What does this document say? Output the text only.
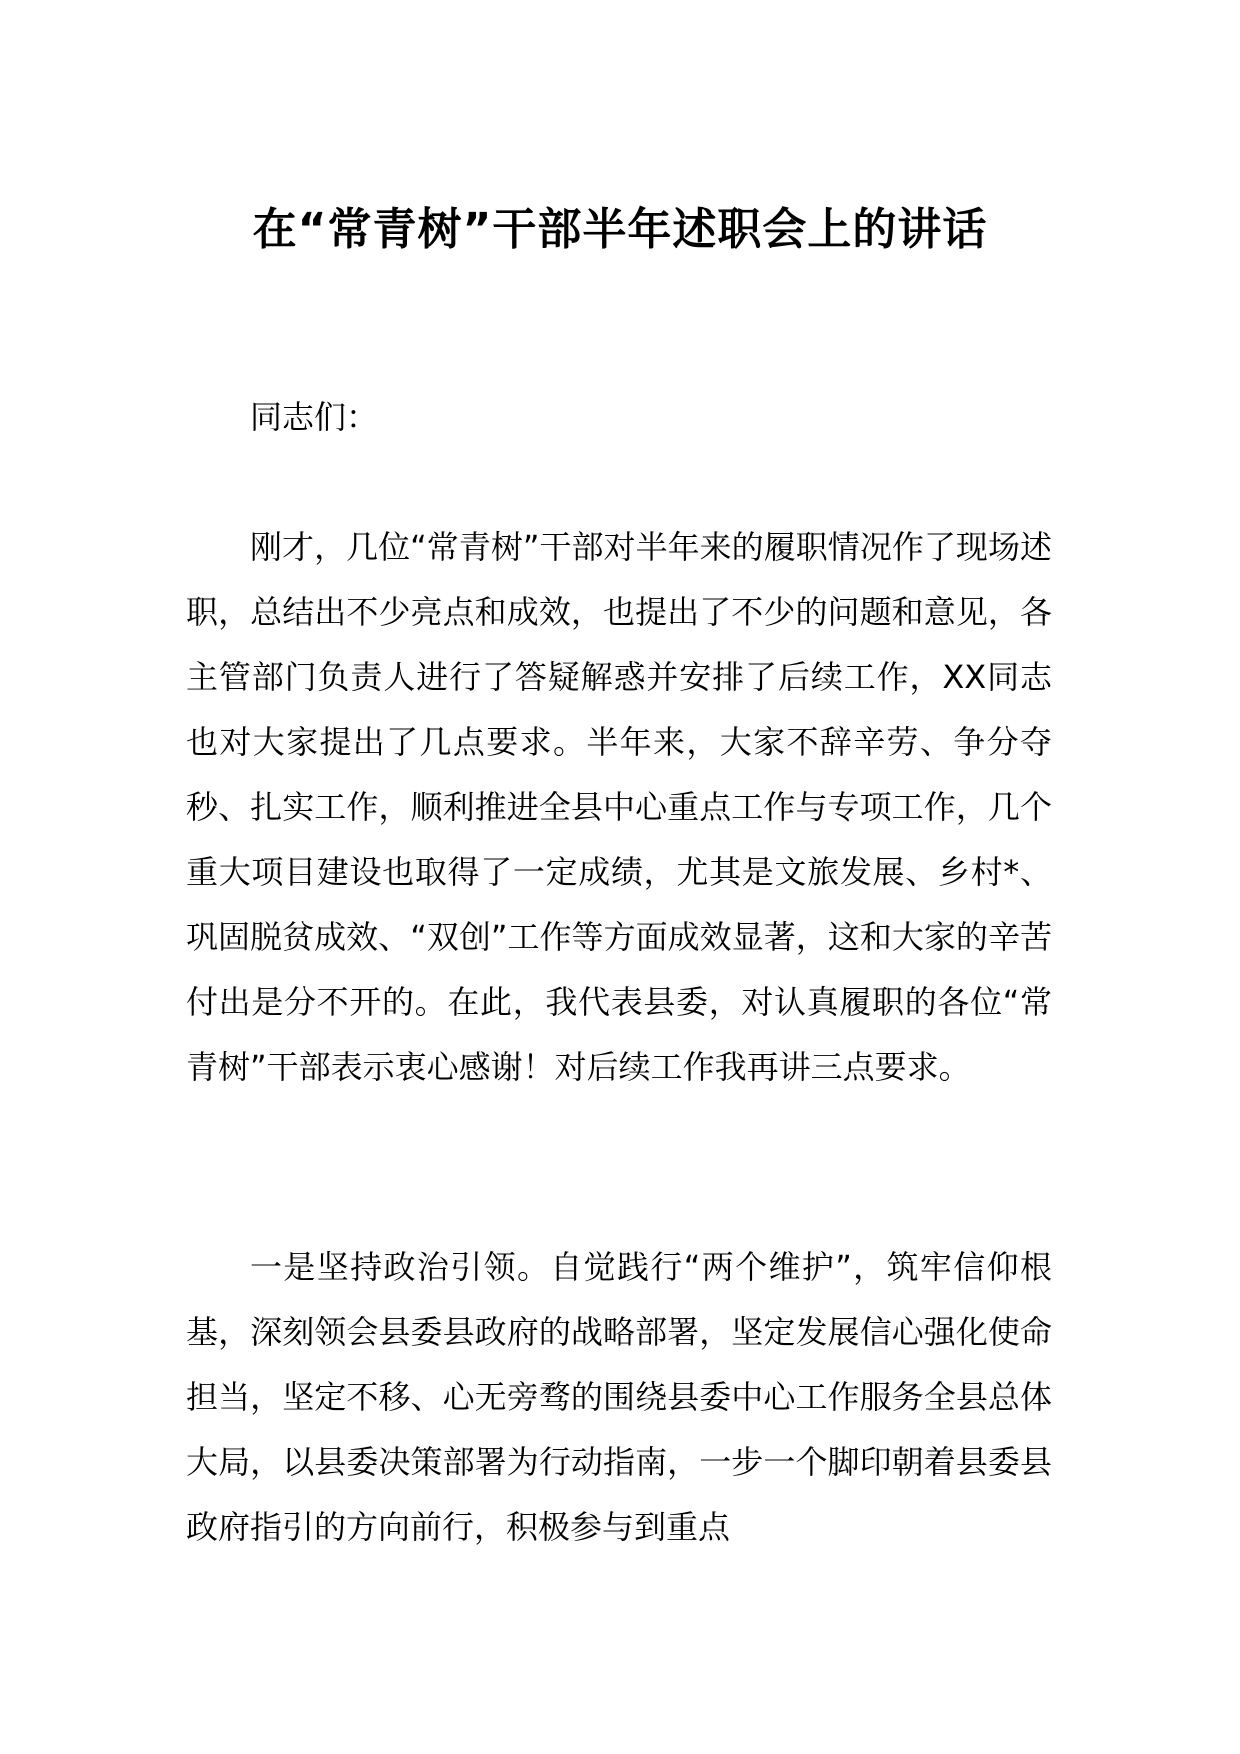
在“常青树”干部半年述职会上的讲话

同志们：

刚才，几位“常青树”干部对半年来的履职情况作了现场述职，总结出不少亮点和成效，也提出了不少的问题和意见，各主管部门负责人进行了答疑解惑并安排了后续工作，XX同志也对大家提出了几点要求。半年来，大家不辞辛劳、争分夺秒、扎实工作，顺利推进全县中心重点工作与专项工作，几个重大项目建设也取得了一定成绩，尤其是文旅发展、乡村*、巩固脱贫成效、“双创”工作等方面成效显著，这和大家的辛苦付出是分不开的。在此，我代表县委，对认真履职的各位“常青树”干部表示衷心感谢！对后续工作我再讲三点要求。

一是坚持政治引领。自觉践行“两个维护”，筑牢信仰根基，深刻领会县委县政府的战略部署，坚定发展信心强化使命担当，坚定不移、心无旁骛的围绕县委中心工作服务全县总体大局，以县委决策部署为行动指南，一步一个脚印朝着县委县政府指引的方向前行，积极参与到重点
